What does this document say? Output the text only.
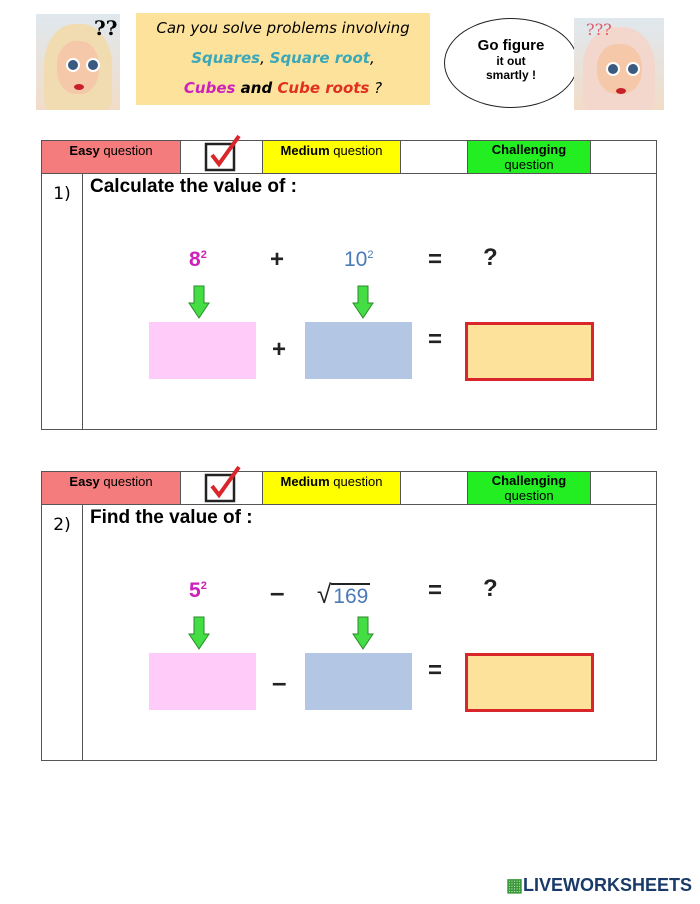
??	Can you solve problems involving
Squares, Square root,
Cubes and Cube roots ?
Go figure
it out
smartly !
???
Easy question	Medium question	Challenging
question
1)	Calculate the value of :
$8^2$	+	$10^2$ = ?
+	=
Easy question	Medium question	Challenging
question
2)	Find the value of :
$5^2 - √169$ = ?
–	=
▦LIVEWORKSHEETS
